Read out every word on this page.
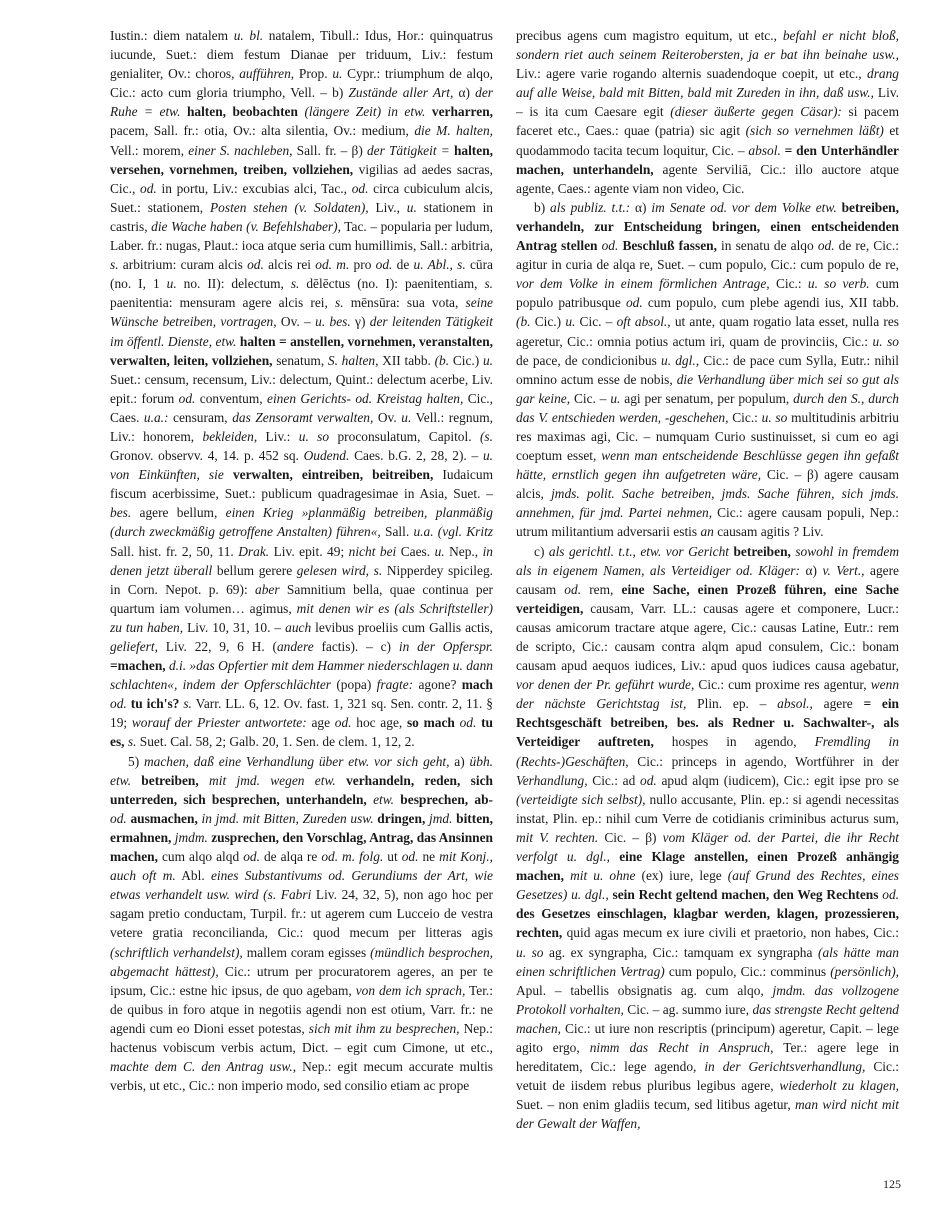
Iustin.: diem natalem u. bl. natalem, Tibull.: Idus, Hor.: quinquatrus iucunde, Suet.: diem festum Dianae per triduum, Liv.: festum genialiter, Ov.: choros, aufführen, Prop. u. Cypr.: triumphum de alqo, Cic.: acto cum gloria triumpho, Vell. – b) Zustände aller Art, α) der Ruhe = etw. halten, beobachten (längere Zeit) in etw. verharren, pacem, Sall. fr.: otia, Ov.: alta silentia, Ov.: medium, die M. halten, Vell.: morem, einer S. nachleben, Sall. fr. – β) der Tätigkeit = halten, versehen, vornehmen, treiben, vollziehen, vigilias ad aedes sacras, Cic., od. in portu, Liv.: excubias alci, Tac., od. circa cubiculum alcis, Suet.: stationem, Posten stehen (v. Soldaten), Liv., u. stationem in castris, die Wache haben (v. Befehlshaber), Tac. – popularia per ludum, Laber. fr.: nugas, Plaut.: ioca atque seria cum humillimis, Sall.: arbitria, s. arbitrium: curam alcis od. alcis rei od. m. pro od. de u. Abl., s. cūra (no. I, 1 u. no. II): delectum, s. dēlēctus (no. I): paenitentiam, s. paenitentia: mensuram agere alcis rei, s. mēnsūra: sua vota, seine Wünsche betreiben, vortragen, Ov. – u. bes. γ) der leitenden Tätigkeit im öffentl. Dienste, etw. halten = anstellen, vornehmen, veranstalten, verwalten, leiten, vollziehen, senatum, S. halten, XII tabb. (b. Cic.) u. Suet.: censum, recensum, Liv.: delectum, Quint.: delectum acerbe, Liv. epit.: forum od. conventum, einen Gerichts- od. Kreistag halten, Cic., Caes. u.a.: censuram, das Zensoramt verwalten, Ov. u. Vell.: regnum, Liv.: honorem, bekleiden, Liv.: u. so proconsulatum, Capitol. (s. Gronov. observv. 4, 14. p. 452 sq. Oudend. Caes. b.G. 2, 28, 2). – u. von Einkünften, sie verwalten, eintreiben, beitreiben, Iudaicum fiscum acerbissime, Suet.: publicum quadragesimae in Asia, Suet. – bes. agere bellum, einen Krieg »planmäßig betreiben, planmäßig (durch zweckmäßig getroffene Anstalten) führen«, Sall. u.a. (vgl. Kritz Sall. hist. fr. 2, 50, 11. Drak. Liv. epit. 49; nicht bei Caes. u. Nep., in denen jetzt überall bellum gerere gelesen wird, s. Nipperdey spicileg. in Corn. Nepot. p. 69): aber Samnitium bella, quae continua per quartum iam volumen… agimus, mit denen wir es (als Schriftsteller) zu tun haben, Liv. 10, 31, 10. – auch levibus proeliis cum Gallis actis, geliefert, Liv. 22, 9, 6 H. (andere factis). – c) in der Opferspr. =machen, d.i. »das Opfertier mit dem Hammer niederschlagen u. dann schlachten«, indem der Opferschlächter (popa) fragte: agone? mach od. tu ich's? s. Varr. LL. 6, 12. Ov. fast. 1, 321 sq. Sen. contr. 2, 11. § 19; worauf der Priester antwortete: age od. hoc age, so mach od. tu es, s. Suet. Cal. 58, 2; Galb. 20, 1. Sen. de clem. 1, 12, 2.

5) machen, daß eine Verhandlung über etw. vor sich geht, a) übh. etw. betreiben, mit jmd. wegen etw. verhandeln, reden, sich unterreden, sich besprechen, unterhandeln, etw. besprechen, ab- od. ausmachen, in jmd. mit Bitten, Zureden usw. dringen, jmd. bitten, ermahnen, jmdm. zusprechen, den Vorschlag, Antrag, das Ansinnen machen, cum alqo alqd od. de alqa re od. m. folg. ut od. ne mit Konj., auch oft m. Abl. eines Substantivums od. Gerundiums der Art, wie etwas verhandelt usw. wird (s. Fabri Liv. 24, 32, 5), non ago hoc per sagam pretio conductam, Turpil. fr.: ut agerem cum Lucceio de vestra vetere gratia reconcilianda, Cic.: quod mecum per litteras agis (schriftlich verhandelst), mallem coram egisses (mündlich besprochen, abgemacht hättest), Cic.: utrum per procuratorem ageres, an per te ipsum, Cic.: estne hic ipsus, de quo agebam, von dem ich sprach, Ter.: de quibus in foro atque in negotiis agendi non est otium, Varr. fr.: ne agendi cum eo Dioni esset potestas, sich mit ihm zu besprechen, Nep.: hactenus vobiscum verbis actum, Dict. – egit cum Cimone, ut etc., machte dem C. den Antrag usw., Nep.: egit mecum accurate multis verbis, ut etc., Cic.: non imperio modo, sed consilio etiam ac prope

precibus agens cum magistro equitum, ut etc., befahl er nicht bloß, sondern riet auch seinem Reiterobersten, ja er bat ihn beinahe usw., Liv.: agere varie rogando alternis suadendoque coepit, ut etc., drang auf alle Weise, bald mit Bitten, bald mit Zureden in ihn, daß usw., Liv. – is ita cum Caesare egit (dieser äußerte gegen Cäsar): si pacem faceret etc., Caes.: quae (patria) sic agit (sich so vernehmen läßt) et quodammodo tacita tecum loquitur, Cic. – absol. = den Unterhändler machen, unterhandeln, agente Serviliā, Cic.: illo auctore atque agente, Caes.: agente viam non video, Cic.

b) als publiz. t.t.: α) im Senate od. vor dem Volke etw. betreiben, verhandeln, zur Entscheidung bringen, einen entscheidenden Antrag stellen od. Beschluß fassen, in senatu de alqo od. de re, Cic.: agitur in curia de alqa re, Suet. – cum populo, Cic.: cum populo de re, vor dem Volke in einem förmlichen Antrage, Cic.: u. so verb. cum populo patribusque od. cum populo, cum plebe agendi ius, XII tabb. (b. Cic.) u. Cic. – oft absol., ut ante, quam rogatio lata esset, nulla res ageretur, Cic.: omnia potius actum iri, quam de provinciis, Cic.: u. so de pace, de condicionibus u. dgl., Cic.: de pace cum Sylla, Eutr.: nihil omnino actum esse de nobis, die Verhandlung über mich sei so gut als gar keine, Cic. – u. agi per senatum, per populum, durch den S., durch das V. entschieden werden, -geschehen, Cic.: u. so multitudinis arbitriu res maximas agi, Cic. – numquam Curio sustinuisset, si cum eo agi coeptum esset, wenn man entscheidende Beschlüsse gegen ihn gefaßt hätte, ernstlich gegen ihn aufgetreten wäre, Cic. – β) agere causam alcis, jmds. polit. Sache betreiben, jmds. Sache führen, sich jmds. annehmen, für jmd. Partei nehmen, Cic.: agere causam populi, Nep.: utrum militantium adversarii estis an causam agitis ? Liv.

c) als gerichtl. t.t., etw. vor Gericht betreiben, sowohl in fremdem als in eigenem Namen, als Verteidiger od. Kläger: α) v. Vert., agere causam od. rem, eine Sache, einen Prozeß führen, eine Sache verteidigen, causam, Varr. LL.: causas agere et componere, Lucr.: causas amicorum tractare atque agere, Cic.: causas Latine, Eutr.: rem de scripto, Cic.: causam contra alqm apud consulem, Cic.: bonam causam apud aequos iudices, Liv.: apud quos iudices causa agebatur, vor denen der Pr. geführt wurde, Cic.: cum proxime res agentur, wenn der nächste Gerichtstag ist, Plin. ep. – absol., agere = ein Rechtsgeschäft betreiben, bes. als Redner u. Sachwalter-, als Verteidiger auftreten, hospes in agendo, Fremdling in (Rechts-)Geschäften, Cic.: princeps in agendo, Wortführer in der Verhandlung, Cic.: ad od. apud alqm (iudicem), Cic.: egit ipse pro se (verteidigte sich selbst), nullo accusante, Plin. ep.: si agendi necessitas instat, Plin. ep.: nihil cum Verre de cotidianis criminibus acturus sum, mit V. rechten. Cic. – β) vom Kläger od. der Partei, die ihr Recht verfolgt u. dgl., eine Klage anstellen, einen Prozeß anhängig machen, mit u. ohne (ex) iure, lege (auf Grund des Rechtes, eines Gesetzes) u. dgl., sein Recht geltend machen, den Weg Rechtens od. des Gesetzes einschlagen, klagbar werden, klagen, prozessieren, rechten, quid agas mecum ex iure civili et praetorio, non habes, Cic.: u. so ag. ex syngrapha, Cic.: tamquam ex syngrapha (als hätte man einen schriftlichen Vertrag) cum populo, Cic.: comminus (persönlich), Apul. – tabellis obsignatis ag. cum alqo, jmdm. das vollzogene Protokoll vorhalten, Cic. – ag. summo iure, das strengste Recht geltend machen, Cic.: ut iure non rescriptis (principum) ageretur, Capit. – lege agito ergo, nimm das Recht in Anspruch, Ter.: agere lege in hereditatem, Cic.: lege agendo, in der Gerichtsverhandlung, Cic.: vetuit de iisdem rebus pluribus legibus agere, wiederholt zu klagen, Suet. – non enim gladiis tecum, sed litibus agetur, man wird nicht mit der Gewalt der Waffen,

125
